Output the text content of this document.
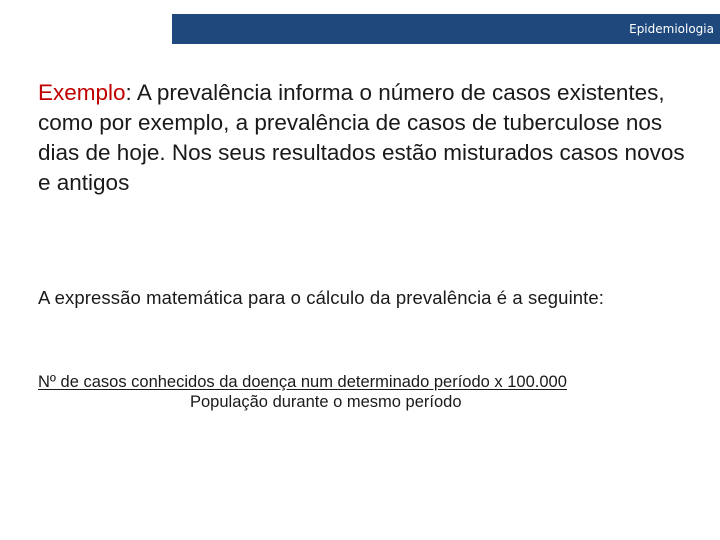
Epidemiologia
Exemplo: A prevalência informa o número de casos existentes, como por exemplo, a prevalência de casos de tuberculose nos dias de hoje. Nos seus resultados estão misturados casos novos e antigos
A expressão matemática para o cálculo da prevalência é a seguinte:
Nº de casos conhecidos da doença num determinado período x 100.000
População durante o mesmo período
